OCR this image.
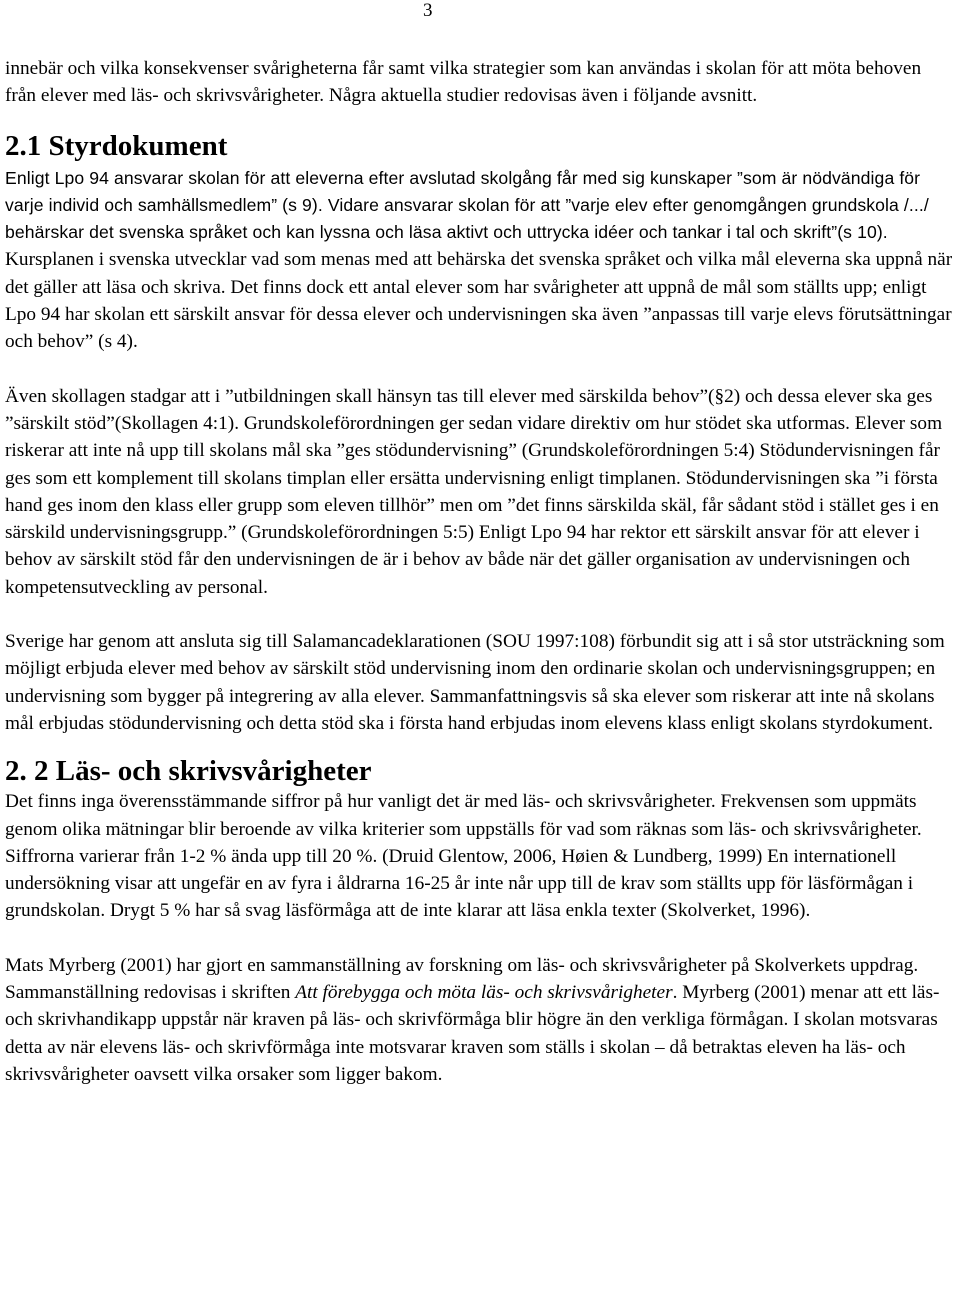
3

innebär och vilka konsekvenser svårigheterna får samt vilka strategier som kan användas i skolan för att möta behoven från elever med läs- och skrivsvårigheter. Några aktuella studier redovisas även i följande avsnitt.

2.1 Styrdokument

Enligt Lpo 94 ansvarar skolan för att eleverna efter avslutad skolgång får med sig kunskaper ”som är nödvändiga för varje individ och samhällsmedlem” (s 9). Vidare ansvarar skolan för att ”varje elev efter genomgången grundskola /.../ behärskar det svenska språket och kan lyssna och läsa aktivt och uttrycka idéer och tankar i tal och skrift”(s 10). Kursplanen i svenska utvecklar vad som menas med att behärska det svenska språket och vilka mål eleverna ska uppnå när det gäller att läsa och skriva. Det finns dock ett antal elever som har svårigheter att uppnå de mål som ställts upp; enligt Lpo 94 har skolan ett särskilt ansvar för dessa elever och undervisningen ska även ”anpassas till varje elevs förutsättningar och behov” (s 4).

Även skollagen stadgar att i ”utbildningen skall hänsyn tas till elever med särskilda behov”(§2) och dessa elever ska ges ”särskilt stöd”(Skollagen 4:1). Grundskoleförordningen ger sedan vidare direktiv om hur stödet ska utformas. Elever som riskerar att inte nå upp till skolans mål ska ”ges stödundervisning” (Grundskoleförordningen 5:4) Stödundervisningen får ges som ett komplement till skolans timplan eller ersätta undervisning enligt timplanen. Stödundervisningen ska ”i första hand ges inom den klass eller grupp som eleven tillhör” men om ”det finns särskilda skäl, får sådant stöd i stället ges i en särskild undervisningsgrupp.” (Grundskoleförordningen 5:5) Enligt Lpo 94 har rektor ett särskilt ansvar för att elever i behov av särskilt stöd får den undervisningen de är i behov av både när det gäller organisation av undervisningen och kompetensutveckling av personal.

Sverige har genom att ansluta sig till Salamancadeklarationen (SOU 1997:108) förbundit sig att i så stor utsträckning som möjligt erbjuda elever med behov av särskilt stöd undervisning inom den ordinarie skolan och undervisningsgruppen; en undervisning som bygger på integrering av alla elever. Sammanfattningsvis så ska elever som riskerar att inte nå skolans mål erbjudas stödundervisning och detta stöd ska i första hand erbjudas inom elevens klass enligt skolans styrdokument.

2. 2 Läs- och skrivsvårigheter

Det finns inga överensstämmande siffror på hur vanligt det är med läs- och skrivsvårigheter. Frekvensen som uppmäts genom olika mätningar blir beroende av vilka kriterier som uppställs för vad som räknas som läs- och skrivsvårigheter. Siffrorna varierar från 1-2 % ända upp till 20 %. (Druid Glentow, 2006, Høien & Lundberg, 1999) En internationell undersökning visar att ungefär en av fyra i åldrarna 16-25 år inte når upp till de krav som ställts upp för läsförmågan i grundskolan. Drygt 5 % har så svag läsförmåga att de inte klarar att läsa enkla texter (Skolverket, 1996).

Mats Myrberg (2001) har gjort en sammanställning av forskning om läs- och skrivsvårigheter på Skolverkets uppdrag. Sammanställning redovisas i skriften Att förebygga och möta läs- och skrivsvårigheter. Myrberg (2001) menar att ett läs- och skrivhandikapp uppstår när kraven på läs- och skrivförmåga blir högre än den verkliga förmågan. I skolan motsvaras detta av när elevens läs- och skrivförmåga inte motsvarar kraven som ställs i skolan – då betraktas eleven ha läs- och skrivsvårigheter oavsett vilka orsaker som ligger bakom.
